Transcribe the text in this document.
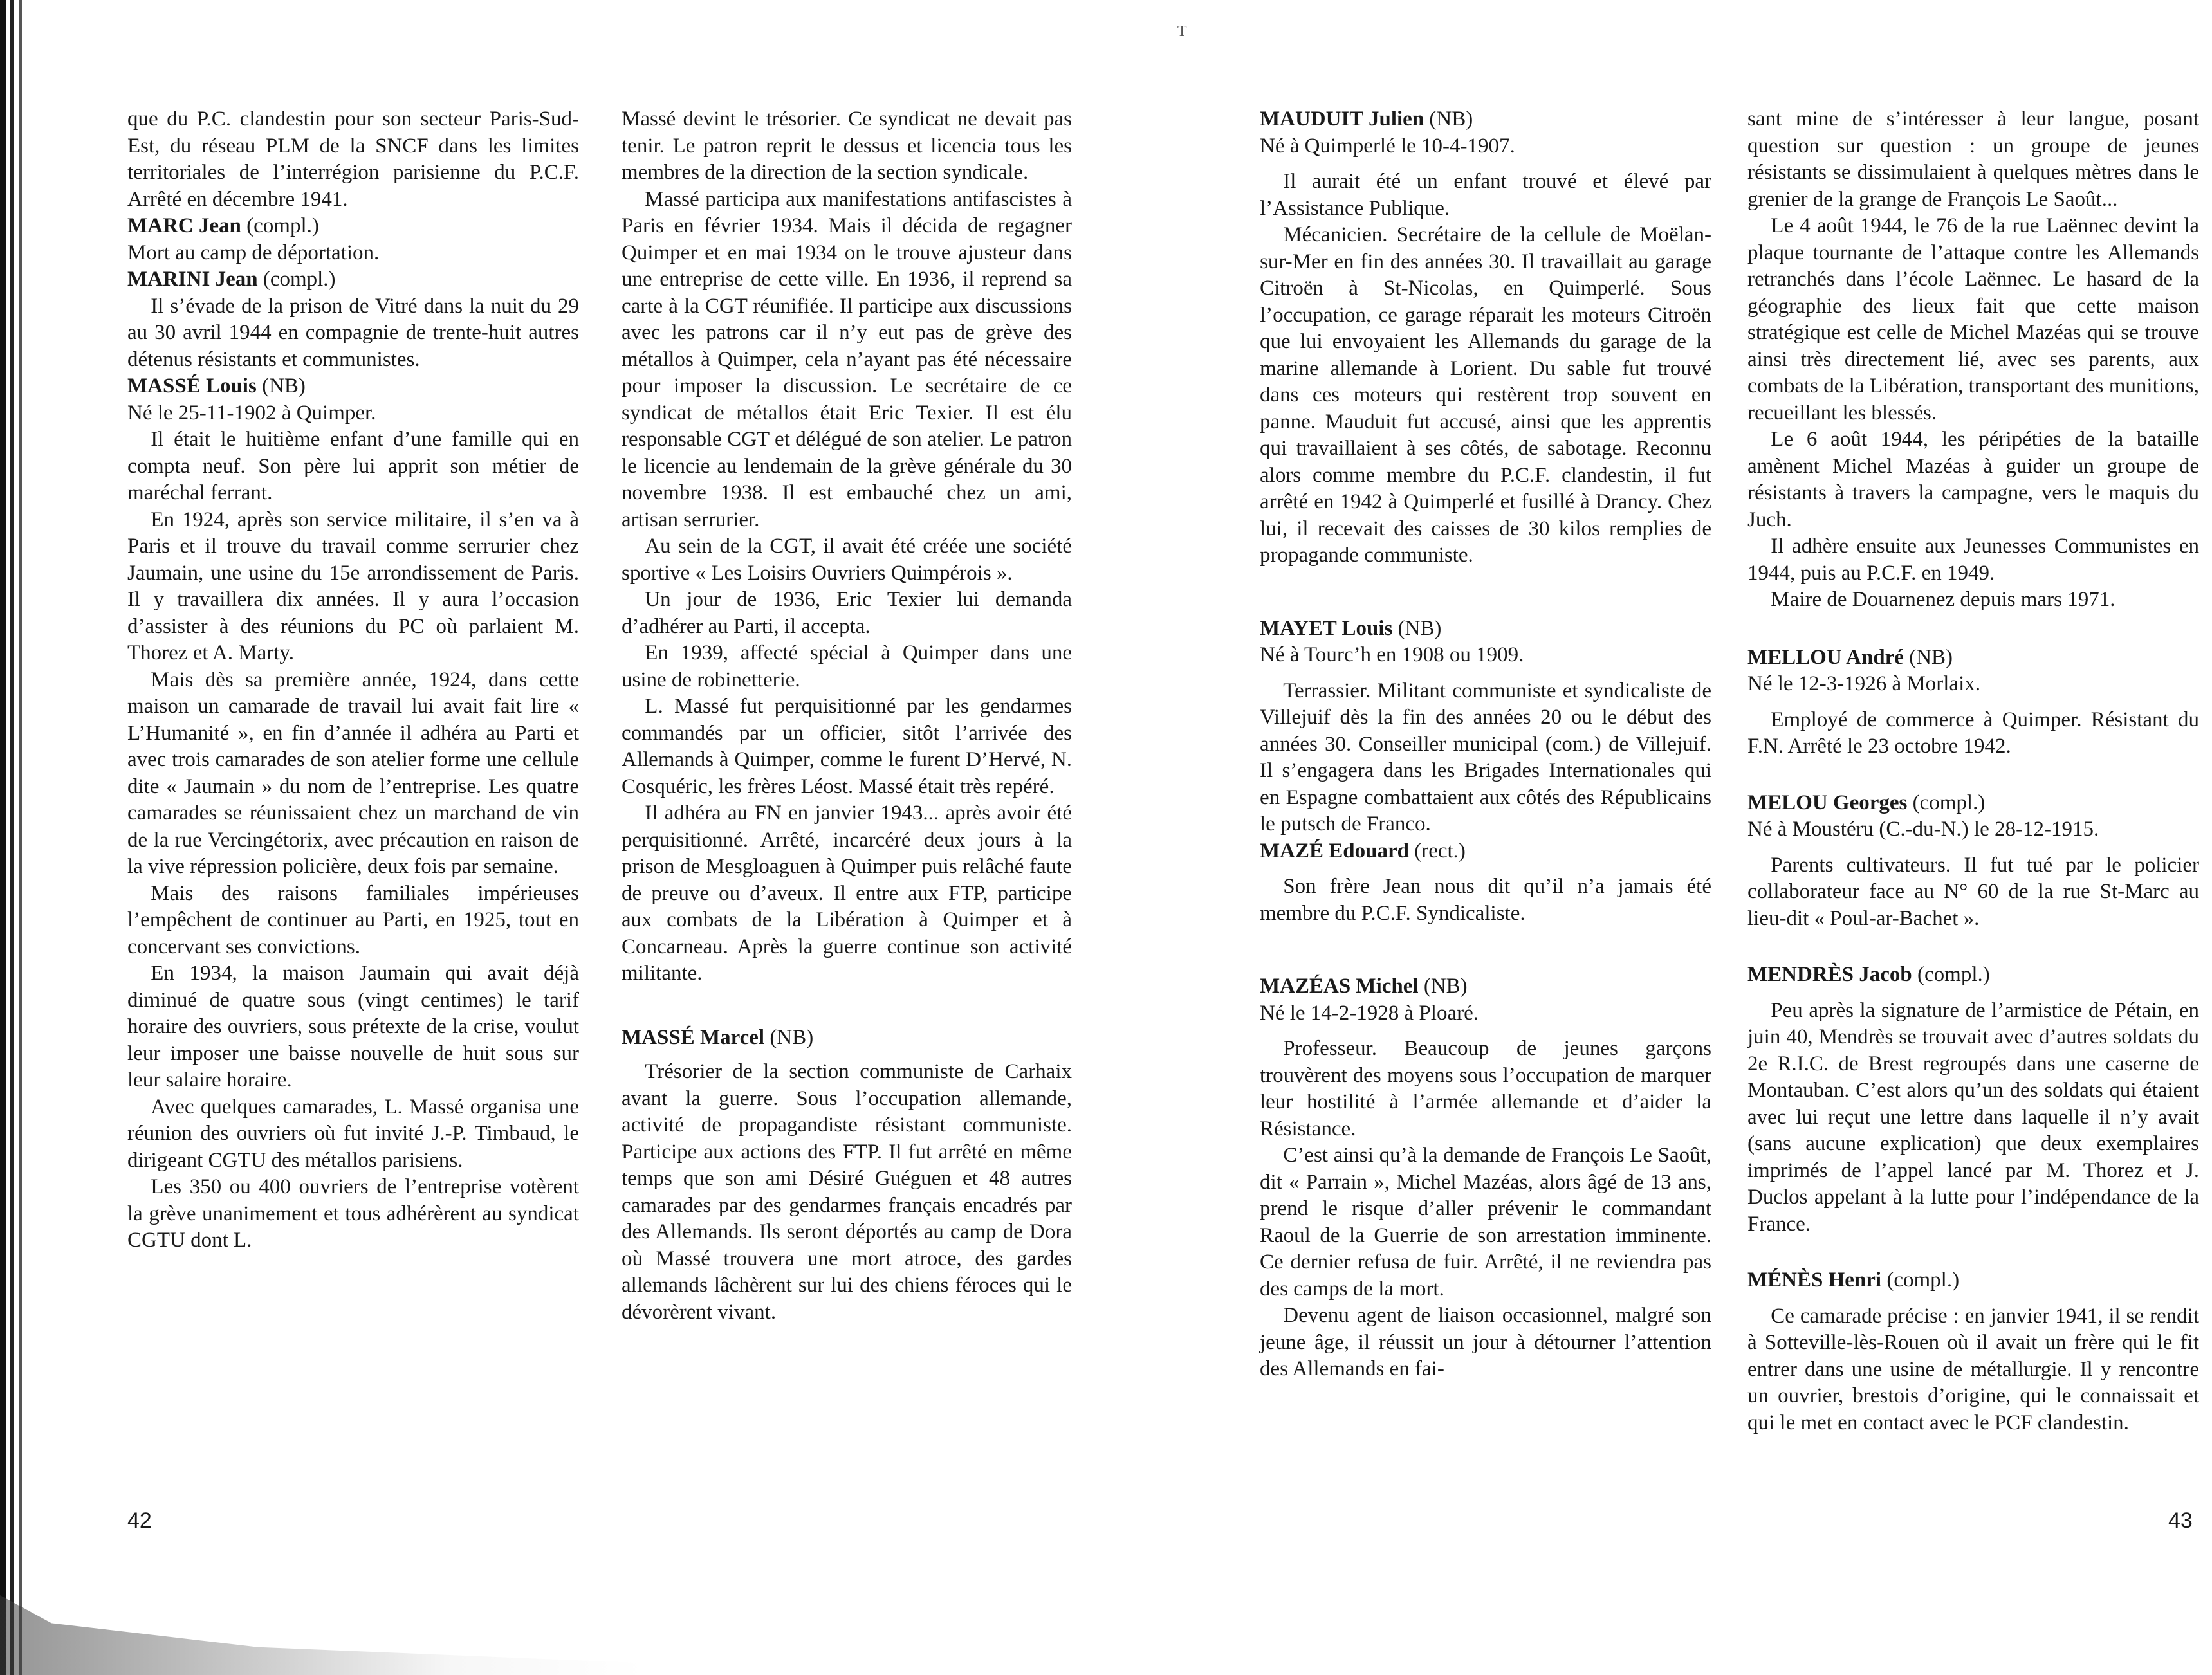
ᵀ

que du P.C. clandestin pour son secteur Paris-Sud-Est, du réseau PLM de la SNCF dans les limites territoriales de l’interrégion parisienne du P.C.F. Arrêté en décembre 1941.

MARC Jean (compl.)

Mort au camp de déportation.

MARINI Jean (compl.)

Il s’évade de la prison de Vitré dans la nuit du 29 au 30 avril 1944 en compagnie de trente-huit autres détenus résistants et communistes.

MASSÉ Louis (NB)

Né le 25-11-1902 à Quimper.

Il était le huitième enfant d’une famille qui en compta neuf. Son père lui apprit son métier de maréchal ferrant.

En 1924, après son service militaire, il s’en va à Paris et il trouve du travail comme serrurier chez Jaumain, une usine du 15e arrondissement de Paris. Il y travaillera dix années. Il y aura l’occasion d’assister à des réunions du PC où parlaient M. Thorez et A. Marty.

Mais dès sa première année, 1924, dans cette maison un camarade de travail lui avait fait lire « L’Humanité », en fin d’année il adhéra au Parti et avec trois camarades de son atelier forme une cellule dite « Jaumain » du nom de l’entreprise. Les quatre camarades se réunissaient chez un marchand de vin de la rue Vercingétorix, avec précaution en raison de la vive répression policière, deux fois par semaine.

Mais des raisons familiales impérieuses l’empêchent de continuer au Parti, en 1925, tout en concervant ses convictions.

En 1934, la maison Jaumain qui avait déjà diminué de quatre sous (vingt centimes) le tarif horaire des ouvriers, sous prétexte de la crise, voulut leur imposer une baisse nouvelle de huit sous sur leur salaire horaire.

Avec quelques camarades, L. Massé organisa une réunion des ouvriers où fut invité J.-P. Timbaud, le dirigeant CGTU des métallos parisiens.

Les 350 ou 400 ouvriers de l’entreprise votèrent la grève unanimement et tous adhérèrent au syndicat CGTU dont L.

Massé devint le trésorier. Ce syndicat ne devait pas tenir. Le patron reprit le dessus et licencia tous les membres de la direction de la section syndicale.

Massé participa aux manifestations antifascistes à Paris en février 1934. Mais il décida de regagner Quimper et en mai 1934 on le trouve ajusteur dans une entreprise de cette ville. En 1936, il reprend sa carte à la CGT réunifiée. Il participe aux discussions avec les patrons car il n’y eut pas de grève des métallos à Quimper, cela n’ayant pas été nécessaire pour imposer la discussion. Le secrétaire de ce syndicat de métallos était Eric Texier. Il est élu responsable CGT et délégué de son atelier. Le patron le licencie au lendemain de la grève générale du 30 novembre 1938. Il est embauché chez un ami, artisan serrurier.

Au sein de la CGT, il avait été créée une société sportive « Les Loisirs Ouvriers Quimpérois ».

Un jour de 1936, Eric Texier lui demanda d’adhérer au Parti, il accepta.

En 1939, affecté spécial à Quimper dans une usine de robinetterie.

L. Massé fut perquisitionné par les gendarmes commandés par un officier, sitôt l’arrivée des Allemands à Quimper, comme le furent D’Hervé, N. Cosquéric, les frères Léost. Massé était très repéré.

Il adhéra au FN en janvier 1943... après avoir été perquisitionné. Arrêté, incarcéré deux jours à la prison de Mesgloaguen à Quimper puis relâché faute de preuve ou d’aveux. Il entre aux FTP, participe aux combats de la Libération à Quimper et à Concarneau. Après la guerre continue son activité militante.

MASSÉ Marcel (NB)

Trésorier de la section communiste de Carhaix avant la guerre. Sous l’occupation allemande, activité de propagandiste résistant communiste. Participe aux actions des FTP. Il fut arrêté en même temps que son ami Désiré Guéguen et 48 autres camarades par des gendarmes français encadrés par des Allemands. Ils seront déportés au camp de Dora où Massé trouvera une mort atroce, des gardes allemands lâchèrent sur lui des chiens féroces qui le dévorèrent vivant.

42

MAUDUIT Julien (NB)

Né à Quimperlé le 10-4-1907.

Il aurait été un enfant trouvé et élevé par l’Assistance Publique.

Mécanicien. Secrétaire de la cellule de Moëlan-sur-Mer en fin des années 30. Il travaillait au garage Citroën à St-Nicolas, en Quimperlé. Sous l’occupation, ce garage réparait les moteurs Citroën que lui envoyaient les Allemands du garage de la marine allemande à Lorient. Du sable fut trouvé dans ces moteurs qui restèrent trop souvent en panne. Mauduit fut accusé, ainsi que les apprentis qui travaillaient à ses côtés, de sabotage. Reconnu alors comme membre du P.C.F. clandestin, il fut arrêté en 1942 à Quimperlé et fusillé à Drancy. Chez lui, il recevait des caisses de 30 kilos remplies de propagande communiste.

MAYET Louis (NB)

Né à Tourc’h en 1908 ou 1909.

Terrassier. Militant communiste et syndicaliste de Villejuif dès la fin des années 20 ou le début des années 30. Conseiller municipal (com.) de Villejuif. Il s’engagera dans les Brigades Internationales qui en Espagne combattaient aux côtés des Républicains le putsch de Franco.

MAZÉ Edouard (rect.)

Son frère Jean nous dit qu’il n’a jamais été membre du P.C.F. Syndicaliste.

MAZÉAS Michel (NB)

Né le 14-2-1928 à Ploaré.

Professeur. Beaucoup de jeunes garçons trouvèrent des moyens sous l’occupation de marquer leur hostilité à l’armée allemande et d’aider la Résistance.

C’est ainsi qu’à la demande de François Le Saoût, dit « Parrain », Michel Mazéas, alors âgé de 13 ans, prend le risque d’aller prévenir le commandant Raoul de la Guerrie de son arrestation imminente. Ce dernier refusa de fuir. Arrêté, il ne reviendra pas des camps de la mort.

Devenu agent de liaison occasionnel, malgré son jeune âge, il réussit un jour à détourner l’attention des Allemands en fai-

sant mine de s’intéresser à leur langue, posant question sur question : un groupe de jeunes résistants se dissimulaient à quelques mètres dans le grenier de la grange de François Le Saoût...

Le 4 août 1944, le 76 de la rue Laënnec devint la plaque tournante de l’attaque contre les Allemands retranchés dans l’école Laënnec. Le hasard de la géographie des lieux fait que cette maison stratégique est celle de Michel Mazéas qui se trouve ainsi très directement lié, avec ses parents, aux combats de la Libération, transportant des munitions, recueillant les blessés.

Le 6 août 1944, les péripéties de la bataille amènent Michel Mazéas à guider un groupe de résistants à travers la campagne, vers le maquis du Juch.

Il adhère ensuite aux Jeunesses Communistes en 1944, puis au P.C.F. en 1949.

Maire de Douarnenez depuis mars 1971.

MELLOU André (NB)

Né le 12-3-1926 à Morlaix.

Employé de commerce à Quimper. Résistant du F.N. Arrêté le 23 octobre 1942.

MELOU Georges (compl.)

Né à Moustéru (C.-du-N.) le 28-12-1915.

Parents cultivateurs. Il fut tué par le policier collaborateur face au N° 60 de la rue St-Marc au lieu-dit « Poul-ar-Bachet ».

MENDRÈS Jacob (compl.)

Peu après la signature de l’armistice de Pétain, en juin 40, Mendrès se trouvait avec d’autres soldats du 2e R.I.C. de Brest regroupés dans une caserne de Montauban. C’est alors qu’un des soldats qui étaient avec lui reçut une lettre dans laquelle il n’y avait (sans aucune explication) que deux exemplaires imprimés de l’appel lancé par M. Thorez et J. Duclos appelant à la lutte pour l’indépendance de la France.

MÉNÈS Henri (compl.)

Ce camarade précise : en janvier 1941, il se rendit à Sotteville-lès-Rouen où il avait un frère qui le fit entrer dans une usine de métallurgie. Il y rencontre un ouvrier, brestois d’origine, qui le connaissait et qui le met en contact avec le PCF clandestin.

43
